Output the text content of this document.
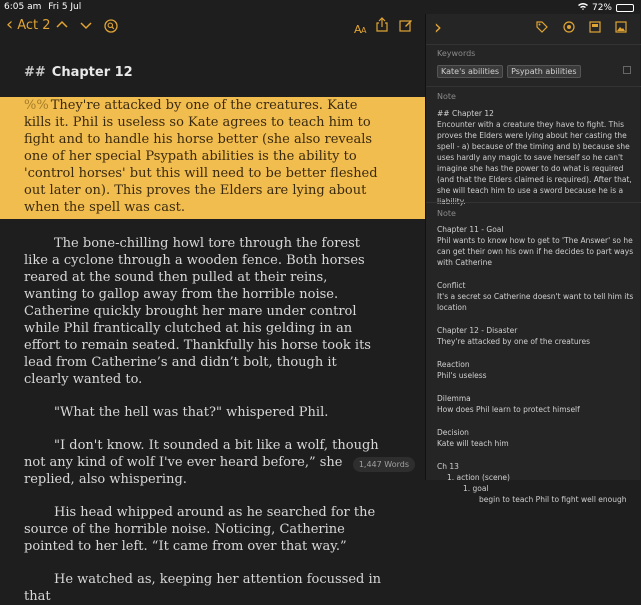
6:05 am Fri 5 Jul	72%
‹ Act 2	A A
## Chapter 12
%% They're attacked by one of the creatures. Kate kills it. Phil is useless so Kate agrees to teach him to fight and to handle his horse better (she also reveals one of her special Psypath abilities is the ability to 'control horses' but this will need to be better fleshed out later on). This proves the Elders are lying about when the spell was cast.

The bone-chilling howl tore through the forest like a cyclone through a wooden fence. Both horses reared at the sound then pulled at their reins, wanting to gallop away from the horrible noise. Catherine quickly brought her mare under control while Phil frantically clutched at his gelding in an effort to remain seated. Thankfully his horse took its lead from Catherine’s and didn’t bolt, though it clearly wanted to.

"What the hell was that?" whispered Phil.

"I don't know. It sounded a bit like a wolf, though not any kind of wolf I've ever heard before,” she replied, also whispering.

His head whipped around as he searched for the source of the horrible noise. Noticing, Catherine pointed to her left. “It came from over that way.”

He watched as, keeping her attention focussed in that

1,447 Words
›
Keywords
Kate's abilities	Psypath abilities
Note
## Chapter 12
Encounter with a creature they have to fight. This proves the Elders were lying about her casting the spell - a) because of the timing and b) because she uses hardly any magic to save herself so he can't imagine she has the power to do what is required (and that the Elders claimed is required). After that, she will teach him to use a sword because he is a
Note
Chapter 11 - Goal
Phil wants to know how to get to 'The Answer' so he can get their own his own if he decides to part ways with Catherine
Conflict
It's a secret so Catherine doesn't want to tell him its location
Chapter 12 - Disaster
They're attacked by one of the creatures
Reaction
Phil's useless
Dilemma
How does Phil learn to protect himself
Decision
Kate will teach him
Ch 13
1. action (scene)
1. goal
begin to teach Phil to fight well enough
